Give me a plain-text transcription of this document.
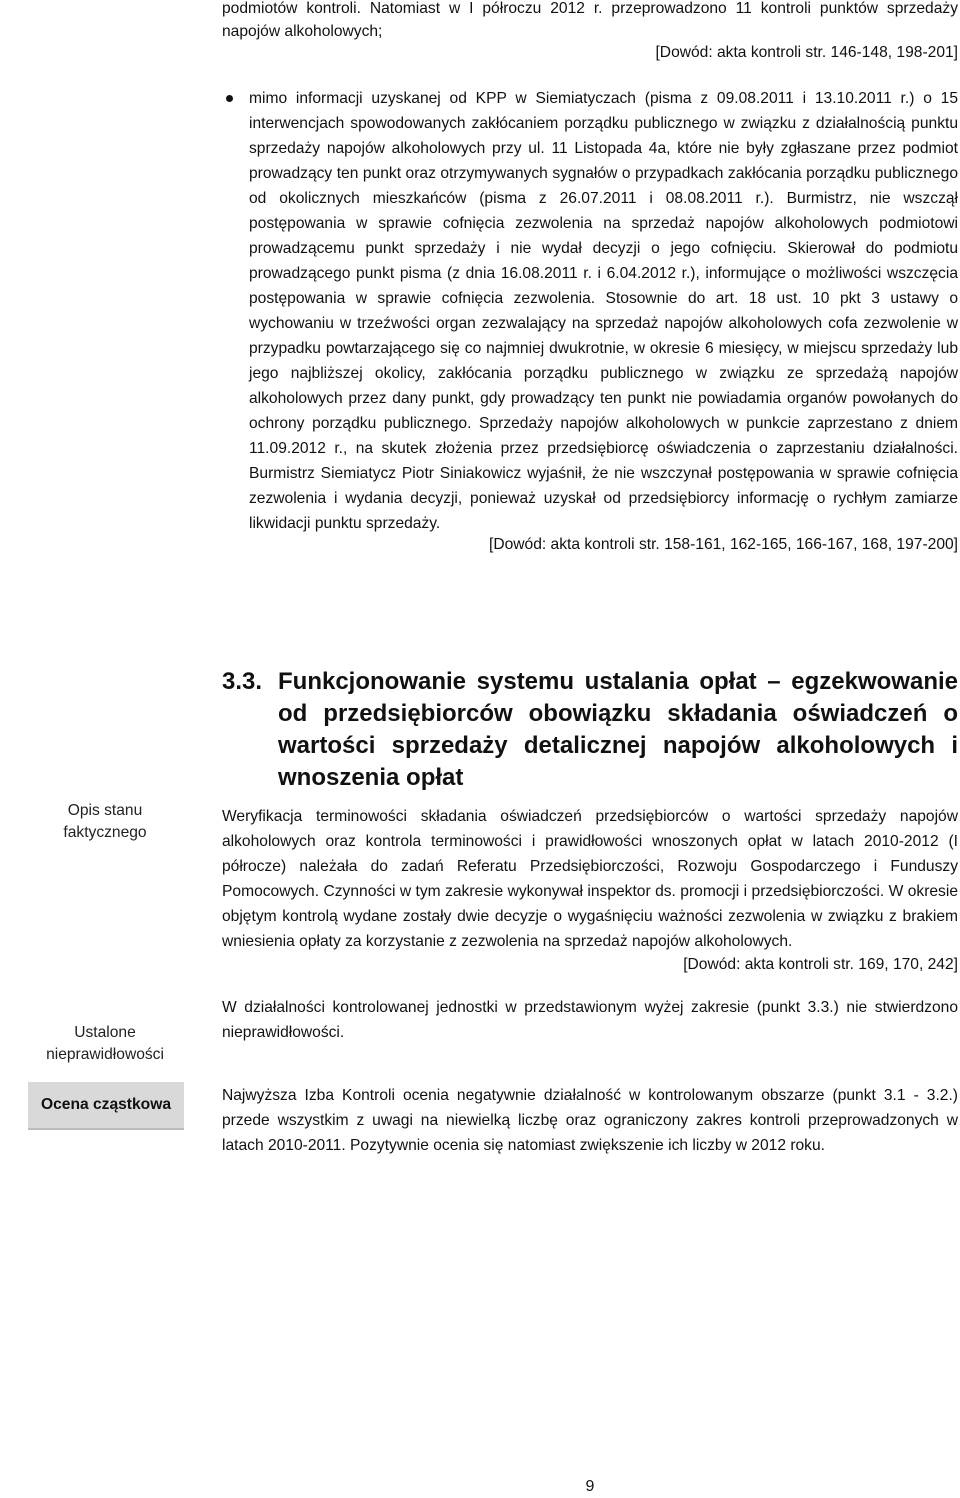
podmiotów kontroli. Natomiast w I półroczu 2012 r. przeprowadzono 11 kontroli punktów sprzedaży napojów alkoholowych;
[Dowód: akta kontroli str. 146-148, 198-201]
mimo informacji uzyskanej od KPP w Siemiatyczach (pisma z 09.08.2011 i 13.10.2011 r.) o 15 interwencjach spowodowanych zakłócaniem porządku publicznego w związku z działalnością punktu sprzedaży napojów alkoholowych przy ul. 11 Listopada 4a, które nie były zgłaszane przez podmiot prowadzący ten punkt oraz otrzymywanych sygnałów o przypadkach zakłócania porządku publicznego od okolicznych mieszkańców (pisma z 26.07.2011 i 08.08.2011 r.). Burmistrz, nie wszczął postępowania w sprawie cofnięcia zezwolenia na sprzedaż napojów alkoholowych podmiotowi prowadzącemu punkt sprzedaży i nie wydał decyzji o jego cofnięciu. Skierował do podmiotu prowadzącego punkt pisma (z dnia 16.08.2011 r. i 6.04.2012 r.), informujące o możliwości wszczęcia postępowania w sprawie cofnięcia zezwolenia. Stosownie do art. 18 ust. 10 pkt 3 ustawy o wychowaniu w trzeźwości organ zezwalający na sprzedaż napojów alkoholowych cofa zezwolenie w przypadku powtarzającego się co najmniej dwukrotnie, w okresie 6 miesięcy, w miejscu sprzedaży lub jego najbliższej okolicy, zakłócania porządku publicznego w związku ze sprzedażą napojów alkoholowych przez dany punkt, gdy prowadzący ten punkt nie powiadamia organów powołanych do ochrony porządku publicznego. Sprzedaży napojów alkoholowych w punkcie zaprzestano z dniem 11.09.2012 r., na skutek złożenia przez przedsiębiorcę oświadczenia o zaprzestaniu działalności. Burmistrz Siemiatycz Piotr Siniakowicz wyjaśnił, że nie wszczynał postępowania w sprawie cofnięcia zezwolenia i wydania decyzji, ponieważ uzyskał od przedsiębiorcy informację o rychłym zamiarze likwidacji punktu sprzedaży.
[Dowód: akta kontroli str. 158-161, 162-165, 166-167, 168, 197-200]
3.3. Funkcjonowanie systemu ustalania opłat – egzekwowanie od przedsiębiorców obowiązku składania oświadczeń o wartości sprzedaży detalicznej napojów alkoholowych i wnoszenia opłat
Weryfikacja terminowości składania oświadczeń przedsiębiorców o wartości sprzedaży napojów alkoholowych oraz kontrola terminowości i prawidłowości wnoszonych opłat w latach 2010-2012 (I półrocze) należała do zadań Referatu Przedsiębiorczości, Rozwoju Gospodarczego i Funduszy Pomocowych. Czynności w tym zakresie wykonywał inspektor ds. promocji i przedsiębiorczości. W okresie objętym kontrolą wydane zostały dwie decyzje o wygaśnięciu ważności zezwolenia w związku z brakiem wniesienia opłaty za korzystanie z zezwolenia na sprzedaż napojów alkoholowych.
[Dowód: akta kontroli str. 169, 170, 242]
W działalności kontrolowanej jednostki w przedstawionym wyżej zakresie (punkt 3.3.) nie stwierdzono nieprawidłowości.
Najwyższa Izba Kontroli ocenia negatywnie działalność w kontrolowanym obszarze (punkt 3.1 - 3.2.) przede wszystkim z uwagi na niewielką liczbę oraz ograniczony zakres kontroli przeprowadzonych w latach 2010-2011. Pozytywnie ocenia się natomiast zwiększenie ich liczby w 2012 roku.
Opis stanu
faktycznego
Ustalone
nieprawidłowości
Ocena cząstkowa
9
